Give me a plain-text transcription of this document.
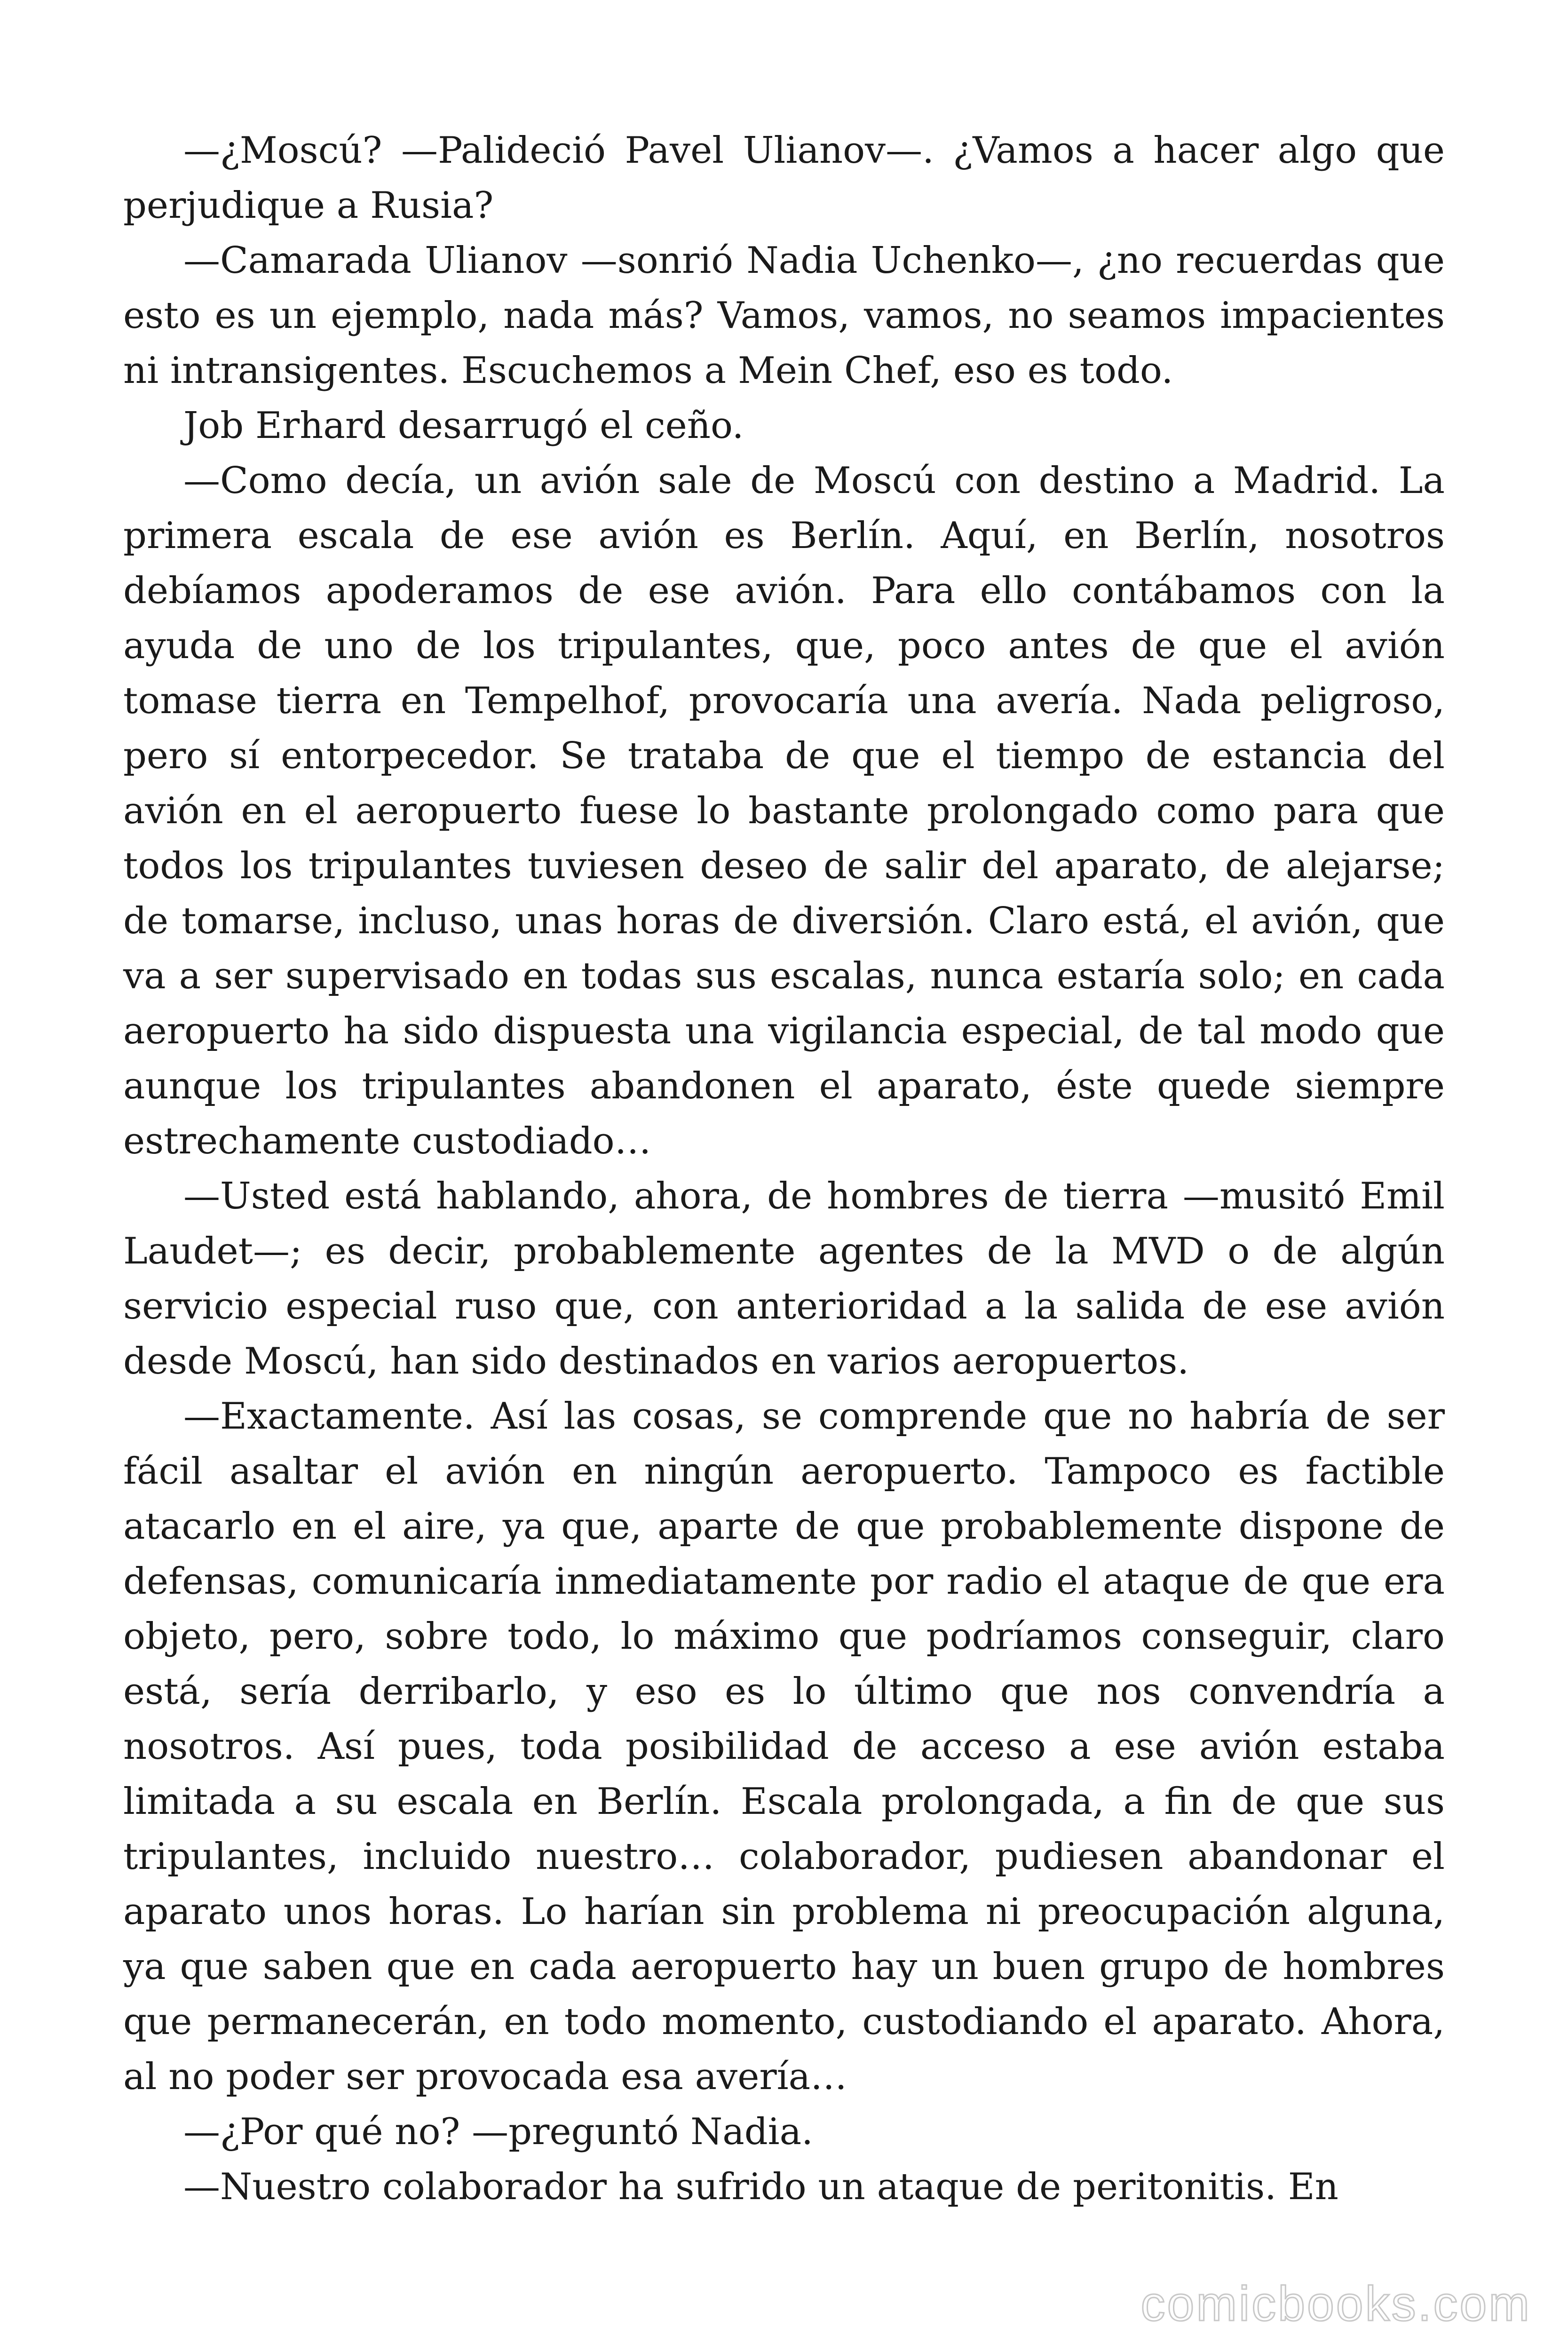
—¿Moscú? —Palideció Pavel Ulianov—. ¿Vamos a hacer algo que perjudique a Rusia?

—Camarada Ulianov —sonrió Nadia Uchenko—, ¿no recuerdas que esto es un ejemplo, nada más? Vamos, vamos, no seamos impacientes ni intransigentes. Escuchemos a Mein Chef, eso es todo.

Job Erhard desarrugó el ceño.

—Como decía, un avión sale de Moscú con destino a Madrid. La primera escala de ese avión es Berlín. Aquí, en Berlín, nosotros debíamos apoderamos de ese avión. Para ello contábamos con la ayuda de uno de los tripulantes, que, poco antes de que el avión tomase tierra en Tempelhof, provocaría una avería. Nada peligroso, pero sí entorpecedor. Se trataba de que el tiempo de estancia del avión en el aeropuerto fuese lo bastante prolongado como para que todos los tripulantes tuviesen deseo de salir del aparato, de alejarse; de tomarse, incluso, unas horas de diversión. Claro está, el avión, que va a ser supervisado en todas sus escalas, nunca estaría solo; en cada aeropuerto ha sido dispuesta una vigilancia especial, de tal modo que aunque los tripulantes abandonen el aparato, éste quede siempre estrechamente custodiado…

—Usted está hablando, ahora, de hombres de tierra —musitó Emil Laudet—; es decir, probablemente agentes de la MVD o de algún servicio especial ruso que, con anterioridad a la salida de ese avión desde Moscú, han sido destinados en varios aeropuertos.

—Exactamente. Así las cosas, se comprende que no habría de ser fácil asaltar el avión en ningún aeropuerto. Tampoco es factible atacarlo en el aire, ya que, aparte de que probablemente dispone de defensas, comunicaría inmediatamente por radio el ataque de que era objeto, pero, sobre todo, lo máximo que podríamos conseguir, claro está, sería derribarlo, y eso es lo último que nos convendría a nosotros. Así pues, toda posibilidad de acceso a ese avión estaba limitada a su escala en Berlín. Escala prolongada, a fin de que sus tripulantes, incluido nuestro… colaborador, pudiesen abandonar el aparato unos horas. Lo harían sin problema ni preocupación alguna, ya que saben que en cada aeropuerto hay un buen grupo de hombres que permanecerán, en todo momento, custodiando el aparato. Ahora, al no poder ser provocada esa avería…

—¿Por qué no? —preguntó Nadia.

—Nuestro colaborador ha sufrido un ataque de peritonitis. En

comicbooks.com
